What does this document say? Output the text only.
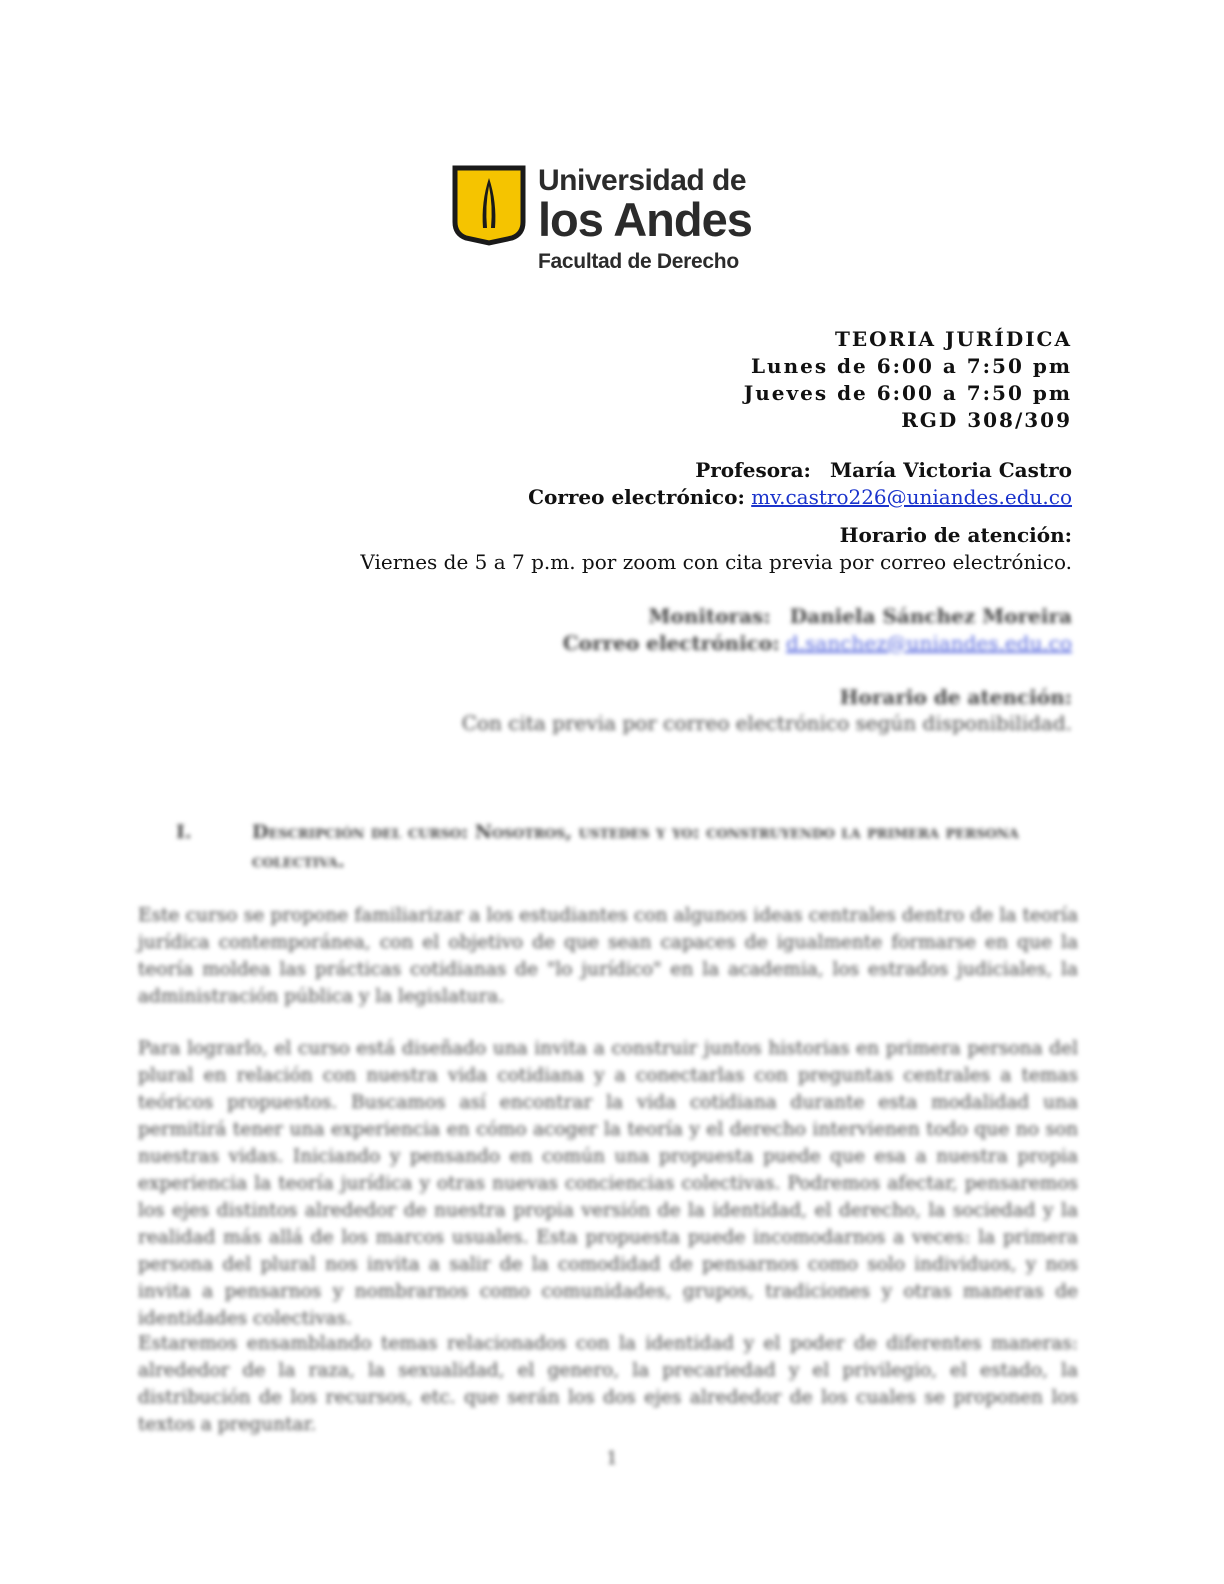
Universidad de
los Andes
Facultad de Derecho
TEORIA JURÍDICA
Lunes de 6:00 a 7:50 pm
Jueves de 6:00 a 7:50 pm
RGD 308/309
Profesora: María Victoria Castro
Correo electrónico: mv.castro226@uniandes.edu.co
Horario de atención:
Viernes de 5 a 7 p.m. por zoom con cita previa por correo electrónico.
Monitoras: Daniela Sánchez Moreira
Correo electrónico: d.sanchez@uniandes.edu.co
Horario de atención:
Con cita previa por correo electrónico según disponibilidad.
I.	Descripción del curso: Nosotros, ustedes y yo: construyendo la primera persona colectiva.

Este curso se propone familiarizar a los estudiantes con algunos ideas centrales dentro de la teoría jurídica contemporánea, con el objetivo de que sean capaces de igualmente formarse en que la teoría moldea las prácticas cotidianas de "lo jurídico" en la academia, los estrados judiciales, la administración pública y la legislatura.

Para lograrlo, el curso está diseñado una invita a construir juntos historias en primera persona del plural en relación con nuestra vida cotidiana y a conectarlas con preguntas centrales a temas teóricos propuestos. Buscamos así encontrar la vida cotidiana durante esta modalidad una permitirá tener una experiencia en cómo acoger la teoría y el derecho intervienen todo que no son nuestras vidas. Iniciando y pensando en común una propuesta puede que esa a nuestra propia experiencia la teoría jurídica y otras nuevas conciencias colectivas. Podremos afectar, pensaremos los ejes distintos alrededor de nuestra propia versión de la identidad, el derecho, la sociedad y la realidad más allá de los marcos usuales. Esta propuesta puede incomodarnos a veces: la primera persona del plural nos invita a salir de la comodidad de pensarnos como solo individuos, y nos invita a pensarnos y nombrarnos como comunidades, grupos, tradiciones y otras maneras de identidades colectivas.

Estaremos ensamblando temas relacionados con la identidad y el poder de diferentes maneras: alrededor de la raza, la sexualidad, el genero, la precariedad y el privilegio, el estado, la distribución de los recursos, etc. que serán los dos ejes alrededor de los cuales se proponen los textos a preguntar.

1
